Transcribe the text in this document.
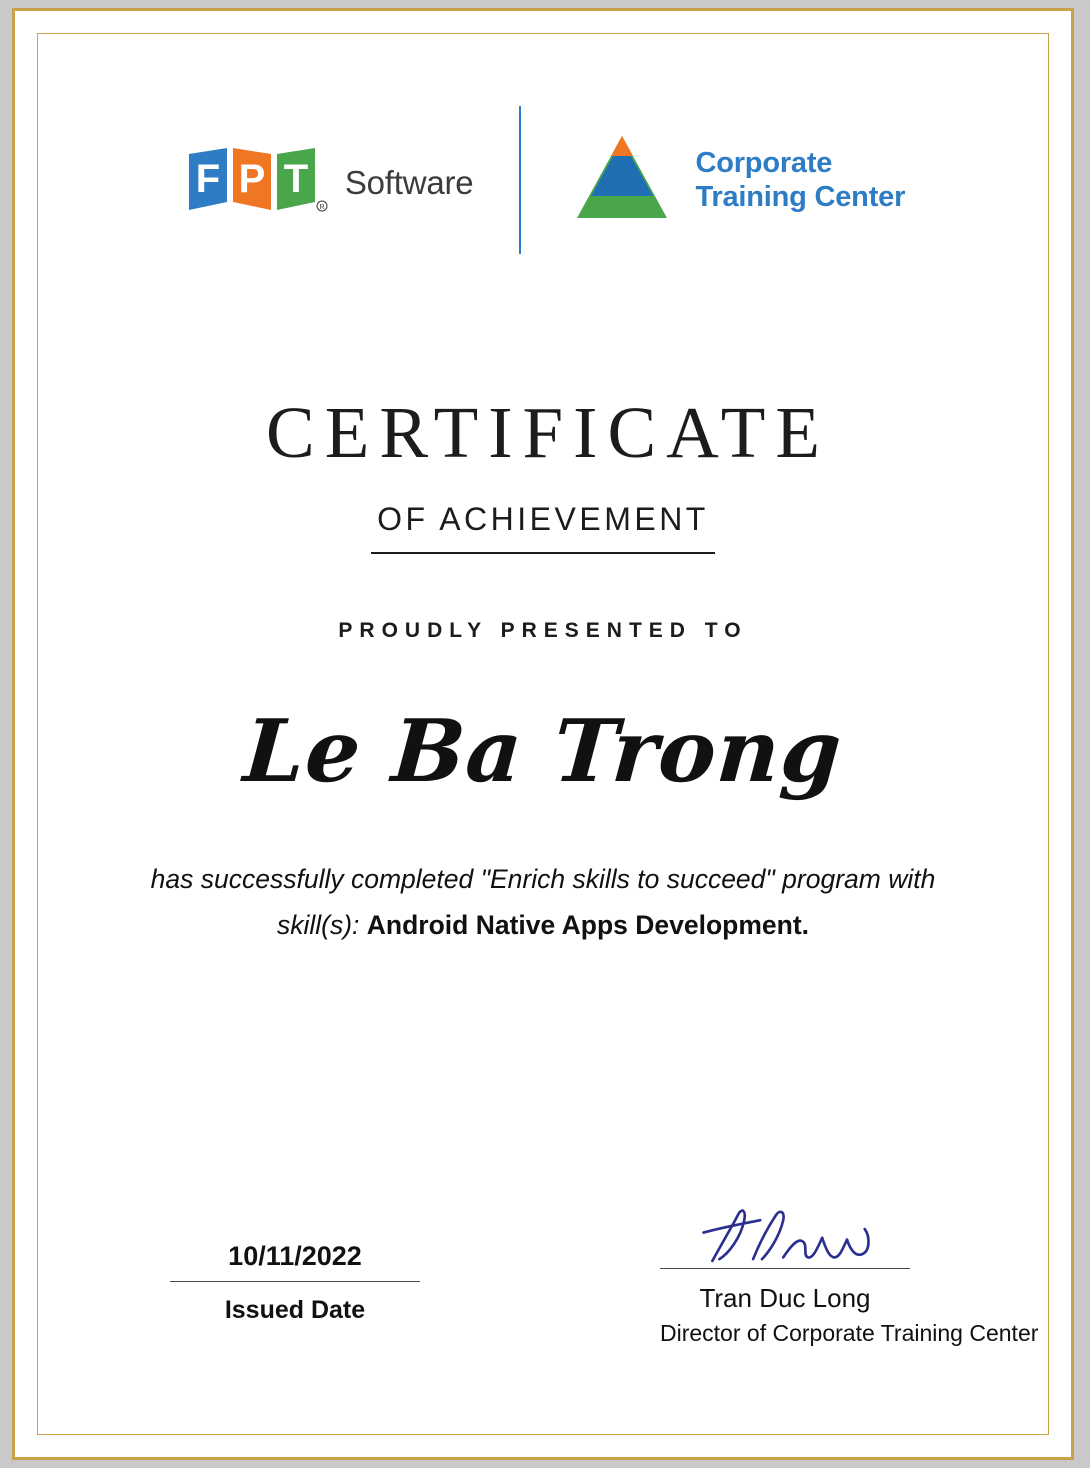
F P T
R
Software
Corporate
Training Center
CERTIFICATE
OF ACHIEVEMENT
PROUDLY PRESENTED TO
Le Ba Trong
has successfully completed "Enrich skills to succeed" program with skill(s): Android Native Apps Development.
10/11/2022
Issued Date	Tran Duc Long
Director of Corporate Training Center
